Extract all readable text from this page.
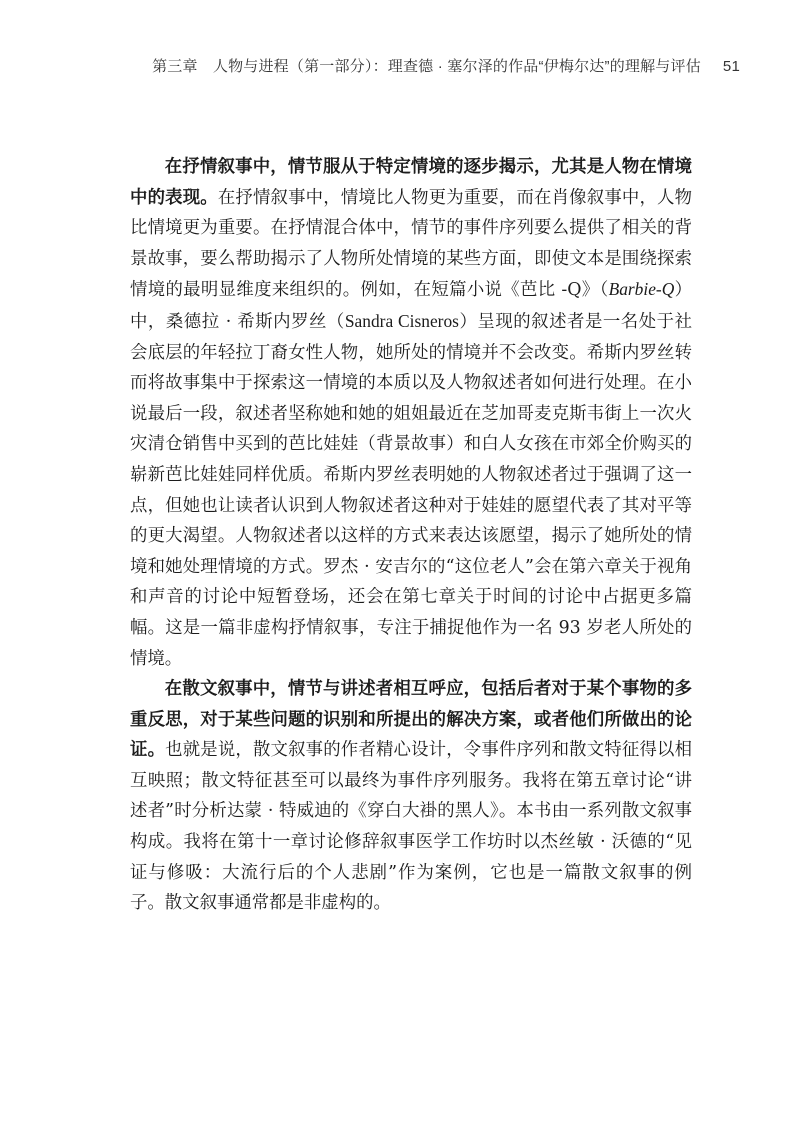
第三章　人物与进程（第一部分）：理查德 · 塞尔泽的作品“伊梅尔达”的理解与评估 51

在抒情叙事中，情节服从于特定情境的逐步揭示，尤其是人物在情境中的表现。在抒情叙事中，情境比人物更为重要，而在肖像叙事中，人物比情境更为重要。在抒情混合体中，情节的事件序列要么提供了相关的背景故事，要么帮助揭示了人物所处情境的某些方面，即使文本是围绕探索情境的最明显维度来组织的。例如，在短篇小说《芭比 -Q》（Barbie-Q）中，桑德拉 · 希斯内罗丝（Sandra Cisneros）呈现的叙述者是一名处于社会底层的年轻拉丁裔女性人物，她所处的情境并不会改变。希斯内罗丝转而将故事集中于探索这一情境的本质以及人物叙述者如何进行处理。在小说最后一段，叙述者坚称她和她的姐姐最近在芝加哥麦克斯韦街上一次火灾清仓销售中买到的芭比娃娃（背景故事）和白人女孩在市郊全价购买的崭新芭比娃娃同样优质。希斯内罗丝表明她的人物叙述者过于强调了这一点，但她也让读者认识到人物叙述者这种对于娃娃的愿望代表了其对平等的更大渴望。人物叙述者以这样的方式来表达该愿望，揭示了她所处的情境和她处理情境的方式。罗杰 · 安吉尔的“这位老人”会在第六章关于视角和声音的讨论中短暂登场，还会在第七章关于时间的讨论中占据更多篇幅。这是一篇非虚构抒情叙事，专注于捕捉他作为一名 93 岁老人所处的情境。

在散文叙事中，情节与讲述者相互呼应，包括后者对于某个事物的多重反思，对于某些问题的识别和所提出的解决方案，或者他们所做出的论证。也就是说，散文叙事的作者精心设计，令事件序列和散文特征得以相互映照；散文特征甚至可以最终为事件序列服务。我将在第五章讨论“讲述者”时分析达蒙 · 特威迪的《穿白大褂的黑人》。本书由一系列散文叙事构成。我将在第十一章讨论修辞叙事医学工作坊时以杰丝敏 · 沃德的“见证与修吸：大流行后的个人悲剧”作为案例，它也是一篇散文叙事的例子。散文叙事通常都是非虚构的。
